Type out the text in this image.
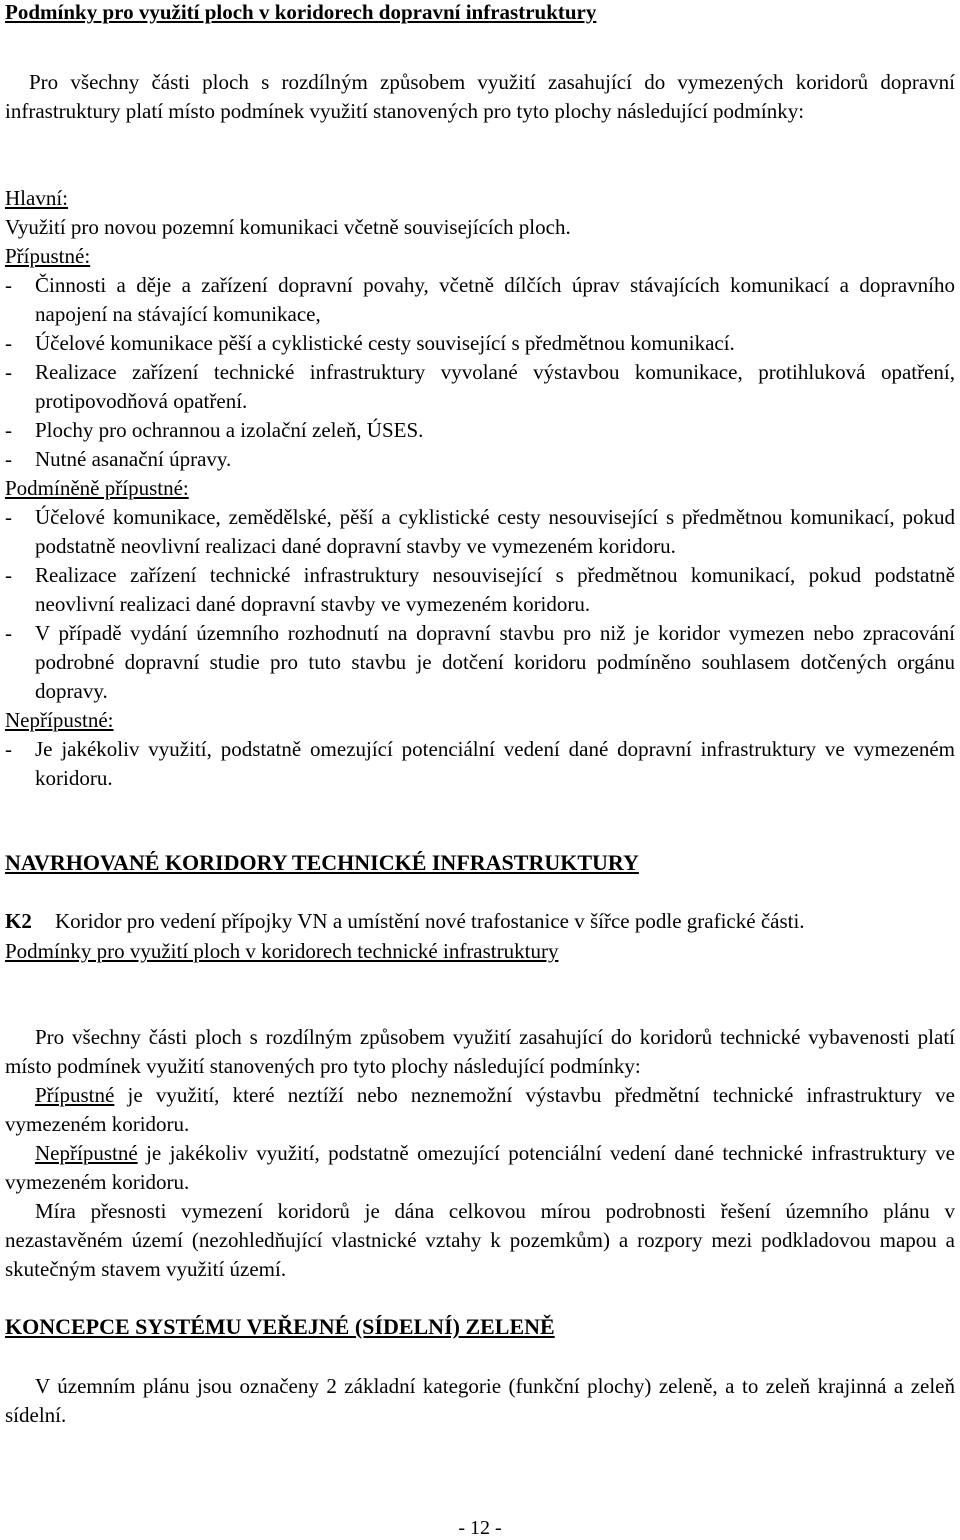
Podmínky pro využití ploch v koridorech dopravní infrastruktury

Pro všechny části ploch s rozdílným způsobem využití zasahující do vymezených koridorů dopravní infrastruktury platí místo podmínek využití stanovených pro tyto plochy následující podmínky:

Hlavní:

Využití pro novou pozemní komunikaci včetně souvisejících ploch.

Přípustné:

-	Činnosti a děje a zařízení dopravní povahy, včetně dílčích úprav stávajících komunikací a dopravního napojení na stávající komunikace,
-	Účelové komunikace pěší a cyklistické cesty související s předmětnou komunikací.
-	Realizace zařízení technické infrastruktury vyvolané výstavbou komunikace, protihluková opatření, protipovodňová opatření.
-	Plochy pro ochrannou a izolační zeleň, ÚSES.
-	Nutné asanační úpravy.

Podmíněně přípustné:

-	Účelové komunikace, zemědělské, pěší a cyklistické cesty nesouvisející s předmětnou komunikací, pokud podstatně neovlivní realizaci dané dopravní stavby ve vymezeném koridoru.
-	Realizace zařízení technické infrastruktury nesouvisející s předmětnou komunikací, pokud podstatně neovlivní realizaci dané dopravní stavby ve vymezeném koridoru.
-	V případě vydání územního rozhodnutí na dopravní stavbu pro niž je koridor vymezen nebo zpracování podrobné dopravní studie pro tuto stavbu je dotčení koridoru podmíněno souhlasem dotčených orgánu dopravy.

Nepřípustné:

-	Je jakékoliv využití, podstatně omezující potenciální vedení dané dopravní infrastruktury ve vymezeném koridoru.
NAVRHOVANÉ KORIDORY TECHNICKÉ INFRASTRUKTURY

K2	Koridor pro vedení přípojky VN a umístění nové trafostanice v šířce podle grafické části.

Podmínky pro využití ploch v koridorech technické infrastruktury

Pro všechny části ploch s rozdílným způsobem využití zasahující do koridorů technické vybavenosti platí místo podmínek využití stanovených pro tyto plochy následující podmínky:

Přípustné je využití, které neztíží nebo neznemožní výstavbu předmětní technické infrastruktury ve vymezeném koridoru.

Nepřípustné je jakékoliv využití, podstatně omezující potenciální vedení dané technické infrastruktury ve vymezeném koridoru.

Míra přesnosti vymezení koridorů je dána celkovou mírou podrobnosti řešení územního plánu v nezastavěném území (nezohledňující vlastnické vztahy k pozemkům) a rozpory mezi podkladovou mapou a skutečným stavem využití území.

KONCEPCE SYSTÉMU VEŘEJNÉ (SÍDELNÍ) ZELENĚ

V územním plánu jsou označeny 2 základní kategorie (funkční plochy) zeleně, a to zeleň krajinná a zeleň sídelní.

- 12 -
